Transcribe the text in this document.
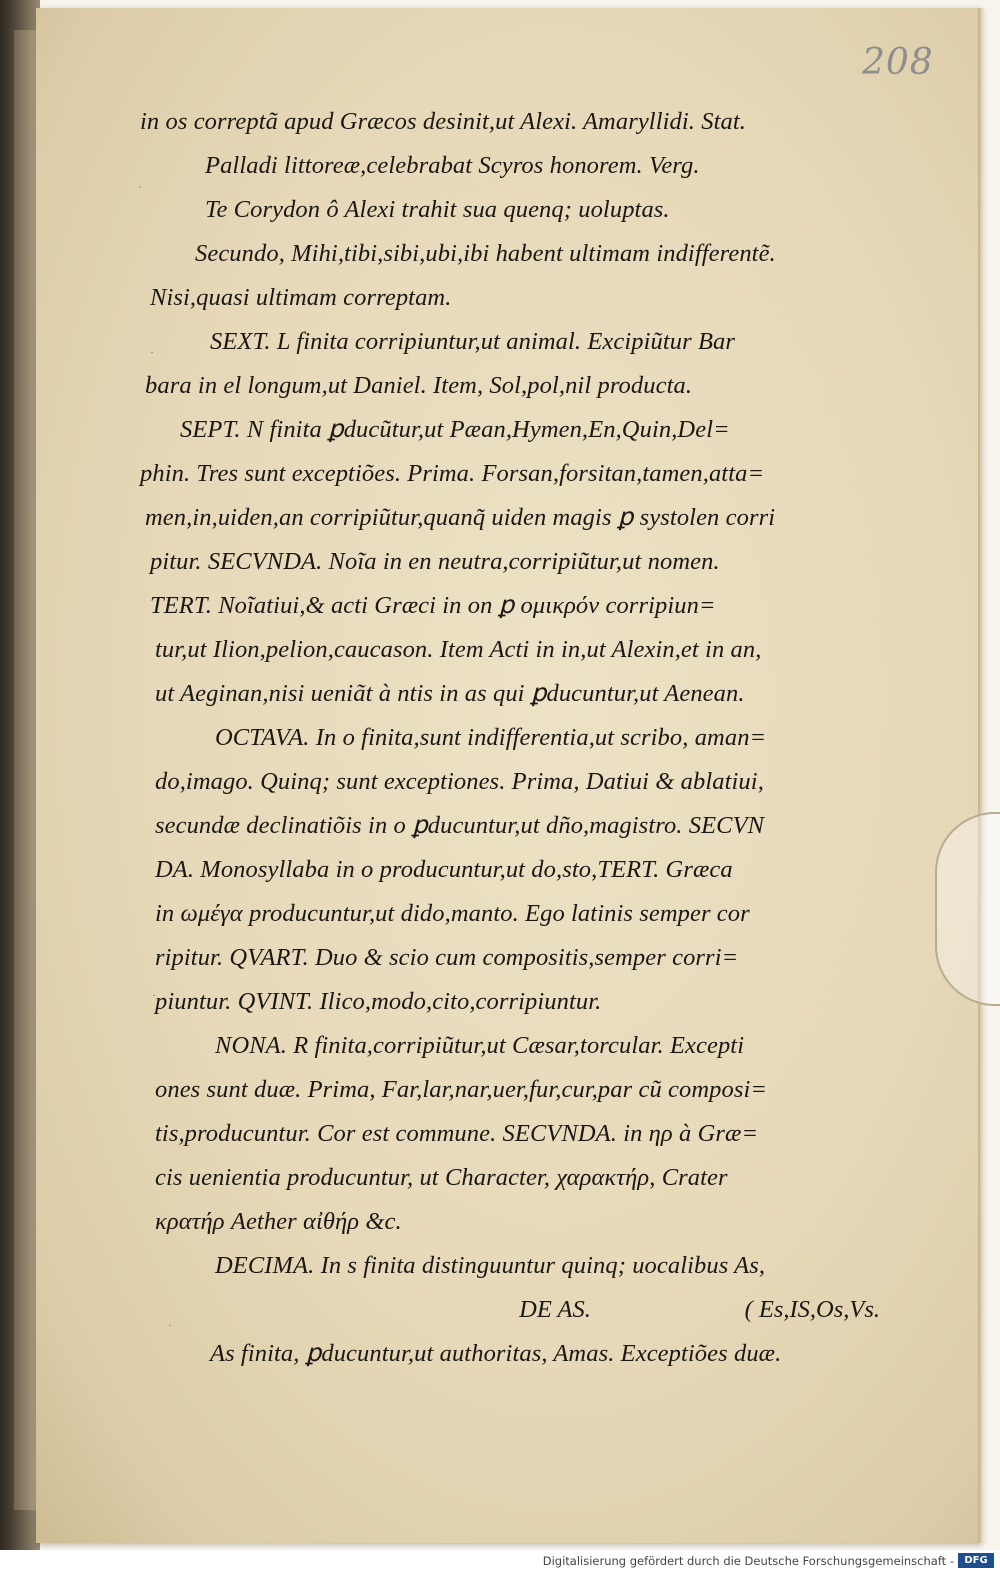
208
in os correptã apud Græcos desinit,ut Alexi. Amaryllidi. Stat.
Palladi littoreæ,celebrabat Scyros honorem. Verg.
Te Corydon ô Alexi trahit sua quenq; uoluptas.
Secundo, Mihi,tibi,sibi,ubi,ibi habent ultimam indifferentẽ.
Nisi,quasi ultimam correptam.
SEXT. L finita corripiuntur,ut animal. Excipiũtur Bar
bara in el longum,ut Daniel. Item, Sol,pol,nil producta.
SEPT. N finita ꝑducũtur,ut Pæan,Hymen,En,Quin,Del=
phin. Tres sunt exceptiões. Prima. Forsan,forsitan,tamen,atta=
men,in,uiden,an corripiũtur,quanq̃ uiden magis ꝑ systolen corri
pitur. SECVNDA. Noĩa in en neutra,corripiũtur,ut nomen.
TERT. Noĩatiui,& acti Græci in on ꝑ ομικρόν corripiun=
tur,ut Ilion,pelion,caucason. Item Acti in in,ut Alexin,et in an,
ut Aeginan,nisi ueniãt à ntis in as qui ꝑducuntur,ut Aenean.
OCTAVA. In o finita,sunt indifferentia,ut scribo, aman=
do,imago. Quinq; sunt exceptiones. Prima, Datiui & ablatiui,
secundæ declinatiõis in o ꝑducuntur,ut dño,magistro. SECVN
DA. Monosyllaba in o producuntur,ut do,sto,TERT. Græca
in ωμέγα producuntur,ut dido,manto. Ego latinis semper cor
ripitur. QVART. Duo & scio cum compositis,semper corri=
piuntur. QVINT. Ilico,modo,cito,corripiuntur.
NONA. R finita,corripiũtur,ut Cæsar,torcular. Excepti
ones sunt duæ. Prima, Far,lar,nar,uer,fur,cur,par cũ composi=
tis,producuntur. Cor est commune. SECVNDA. in ηρ à Græ=
cis uenientia producuntur, ut Character, χαρακτήρ, Crater
κρατήρ Aether αἰθήρ &c.
DECIMA. In s finita distinguuntur quinq; uocalibus As,
DE AS.	( Es,IS,Os,Vs.
As finita, ꝑducuntur,ut authoritas, Amas. Exceptiões duæ.
·
·
·
·
Digitalisierung gefördert durch die Deutsche Forschungsgemeinschaft -	DFG
